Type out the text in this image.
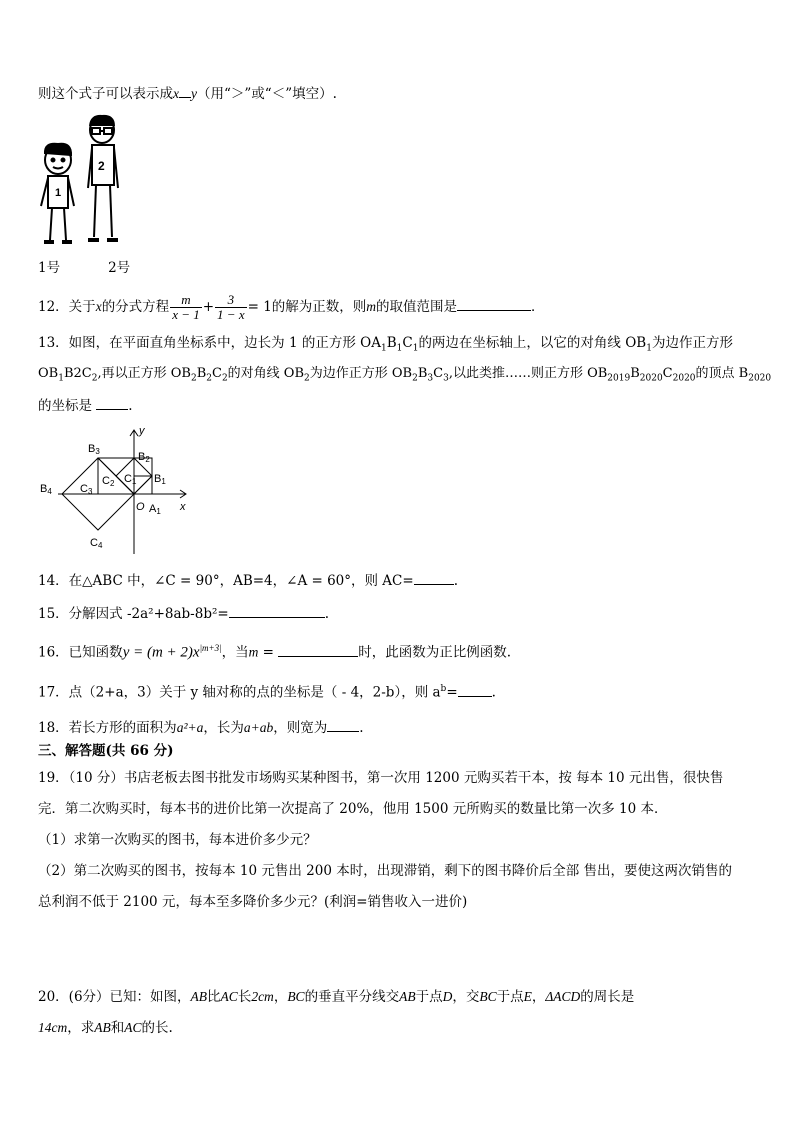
则这个式子可以表示成x y（用“＞”或“＜”填空）.
1
2
1号	2号
12．关于x的分式方程 $\frac{m}{x - 1} + \frac{3}{1 - x} = 1$的解为正数，则m的取值范围是	．
13．如图，在平面直角坐标系中，边长为 1 的正方形 $OA_1B_1C_1$的两边在坐标轴上，以它的对角线 $OB_1$为边作正方形
$OB_1B2C_2$,再以正方形 $OB_2B_2C_2$的对角线 $OB_2$为边作正方形 $OB_2B_3C_3$,以此类推……则正方形 $OB_{2019}B_{2020}C_{2020}$的顶点 $B_{2020}$
的坐标是	.
y
x
O A1
B1
B2
B3
B4
C1
C2
C3
C4
14．在△ABC 中，∠C = 90°，AB=4，∠A = 60°，则 AC=	.
15．分解因式 -2a²+8ab-8b²=	.
16．已知函数$y = (m + 2)x^{|m+3|}$，当m =	时，此函数为正比例函数.
17．点（2+a，3）关于 y 轴对称的点的坐标是（ - 4，2-b），则 $a^b=$	.
18．若长方形的面积为a²+a，长为a+ab，则宽为 .
三、解答题(共 66 分)
19．（10 分）书店老板去图书批发市场购买某种图书，第一次用 1200 元购买若干本，按 每本 10 元出售，很快售
完．第二次购买时，每本书的进价比第一次提高了 20%，他用 1500 元所购买的数量比第一次多 10 本．
（1）求第一次购买的图书，每本进价多少元？
（2）第二次购买的图书，按每本 10 元售出 200 本时，出现滞销，剩下的图书降价后全部 售出，要使这两次销售的
总利润不低于 2100 元，每本至多降价多少元？(利润=销售收入一进价)
20．(6分）已知：如图，AB比AC长2cm，BC的垂直平分线交AB于点D，交BC于点E，ΔACD的周长是
14cm，求AB和AC的长.
